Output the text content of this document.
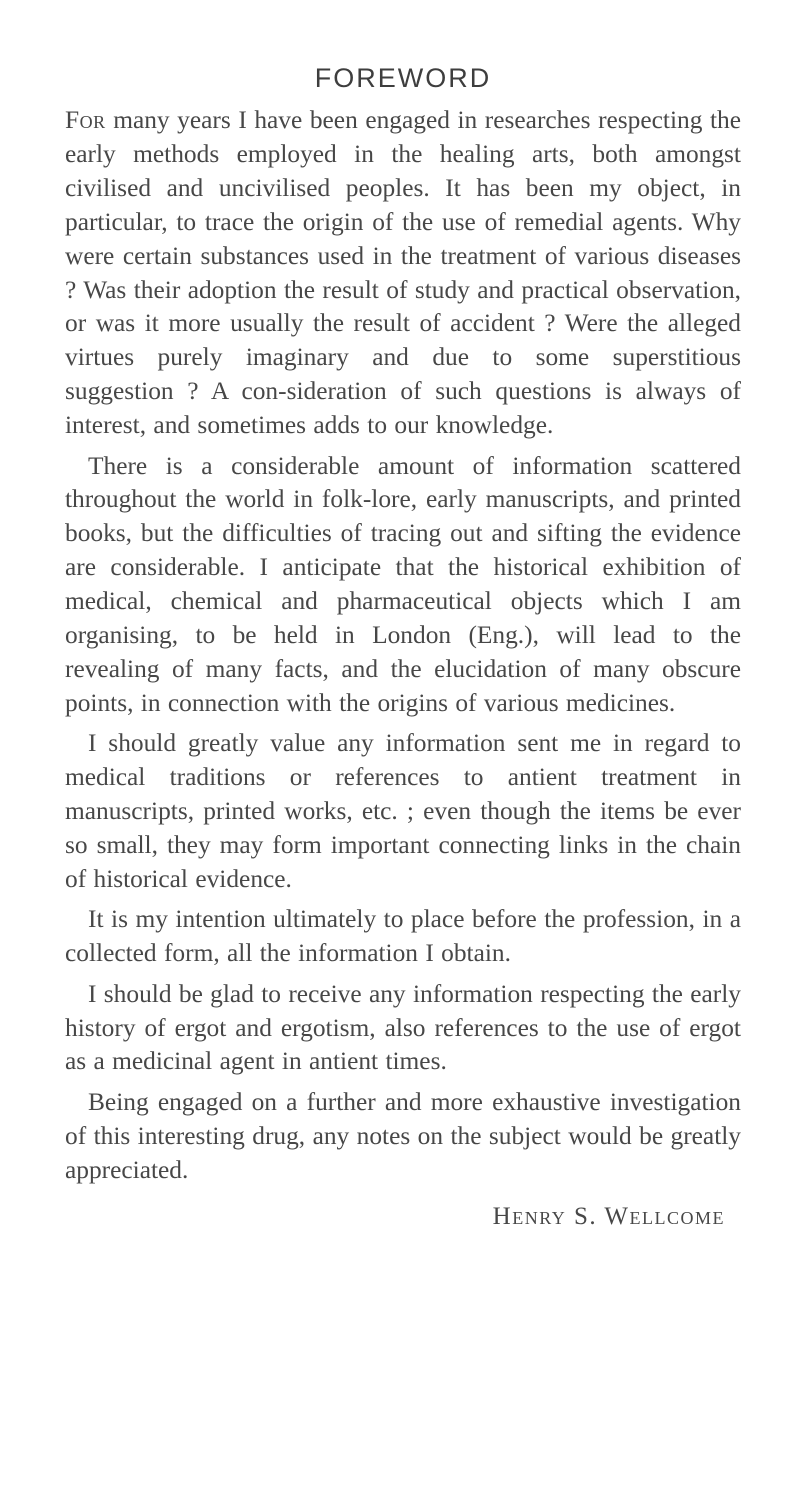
FOREWORD

For many years I have been engaged in researches respecting the early methods employed in the healing arts, both amongst civilised and uncivilised peoples. It has been my object, in particular, to trace the origin of the use of remedial agents. Why were certain substances used in the treatment of various diseases ? Was their adoption the result of study and practical observation, or was it more usually the result of accident ? Were the alleged virtues purely imaginary and due to some superstitious suggestion ? A con-sideration of such questions is always of interest, and sometimes adds to our knowledge.

There is a considerable amount of information scattered throughout the world in folk-lore, early manuscripts, and printed books, but the difficulties of tracing out and sifting the evidence are considerable. I anticipate that the historical exhibition of medical, chemical and pharmaceutical objects which I am organising, to be held in London (Eng.), will lead to the revealing of many facts, and the elucidation of many obscure points, in connection with the origins of various medicines.

I should greatly value any information sent me in regard to medical traditions or references to antient treatment in manuscripts, printed works, etc. ; even though the items be ever so small, they may form important connecting links in the chain of historical evidence.

It is my intention ultimately to place before the profession, in a collected form, all the information I obtain.

I should be glad to receive any information respecting the early history of ergot and ergotism, also references to the use of ergot as a medicinal agent in antient times.

Being engaged on a further and more exhaustive investigation of this interesting drug, any notes on the subject would be greatly appreciated.

Henry S. Wellcome
